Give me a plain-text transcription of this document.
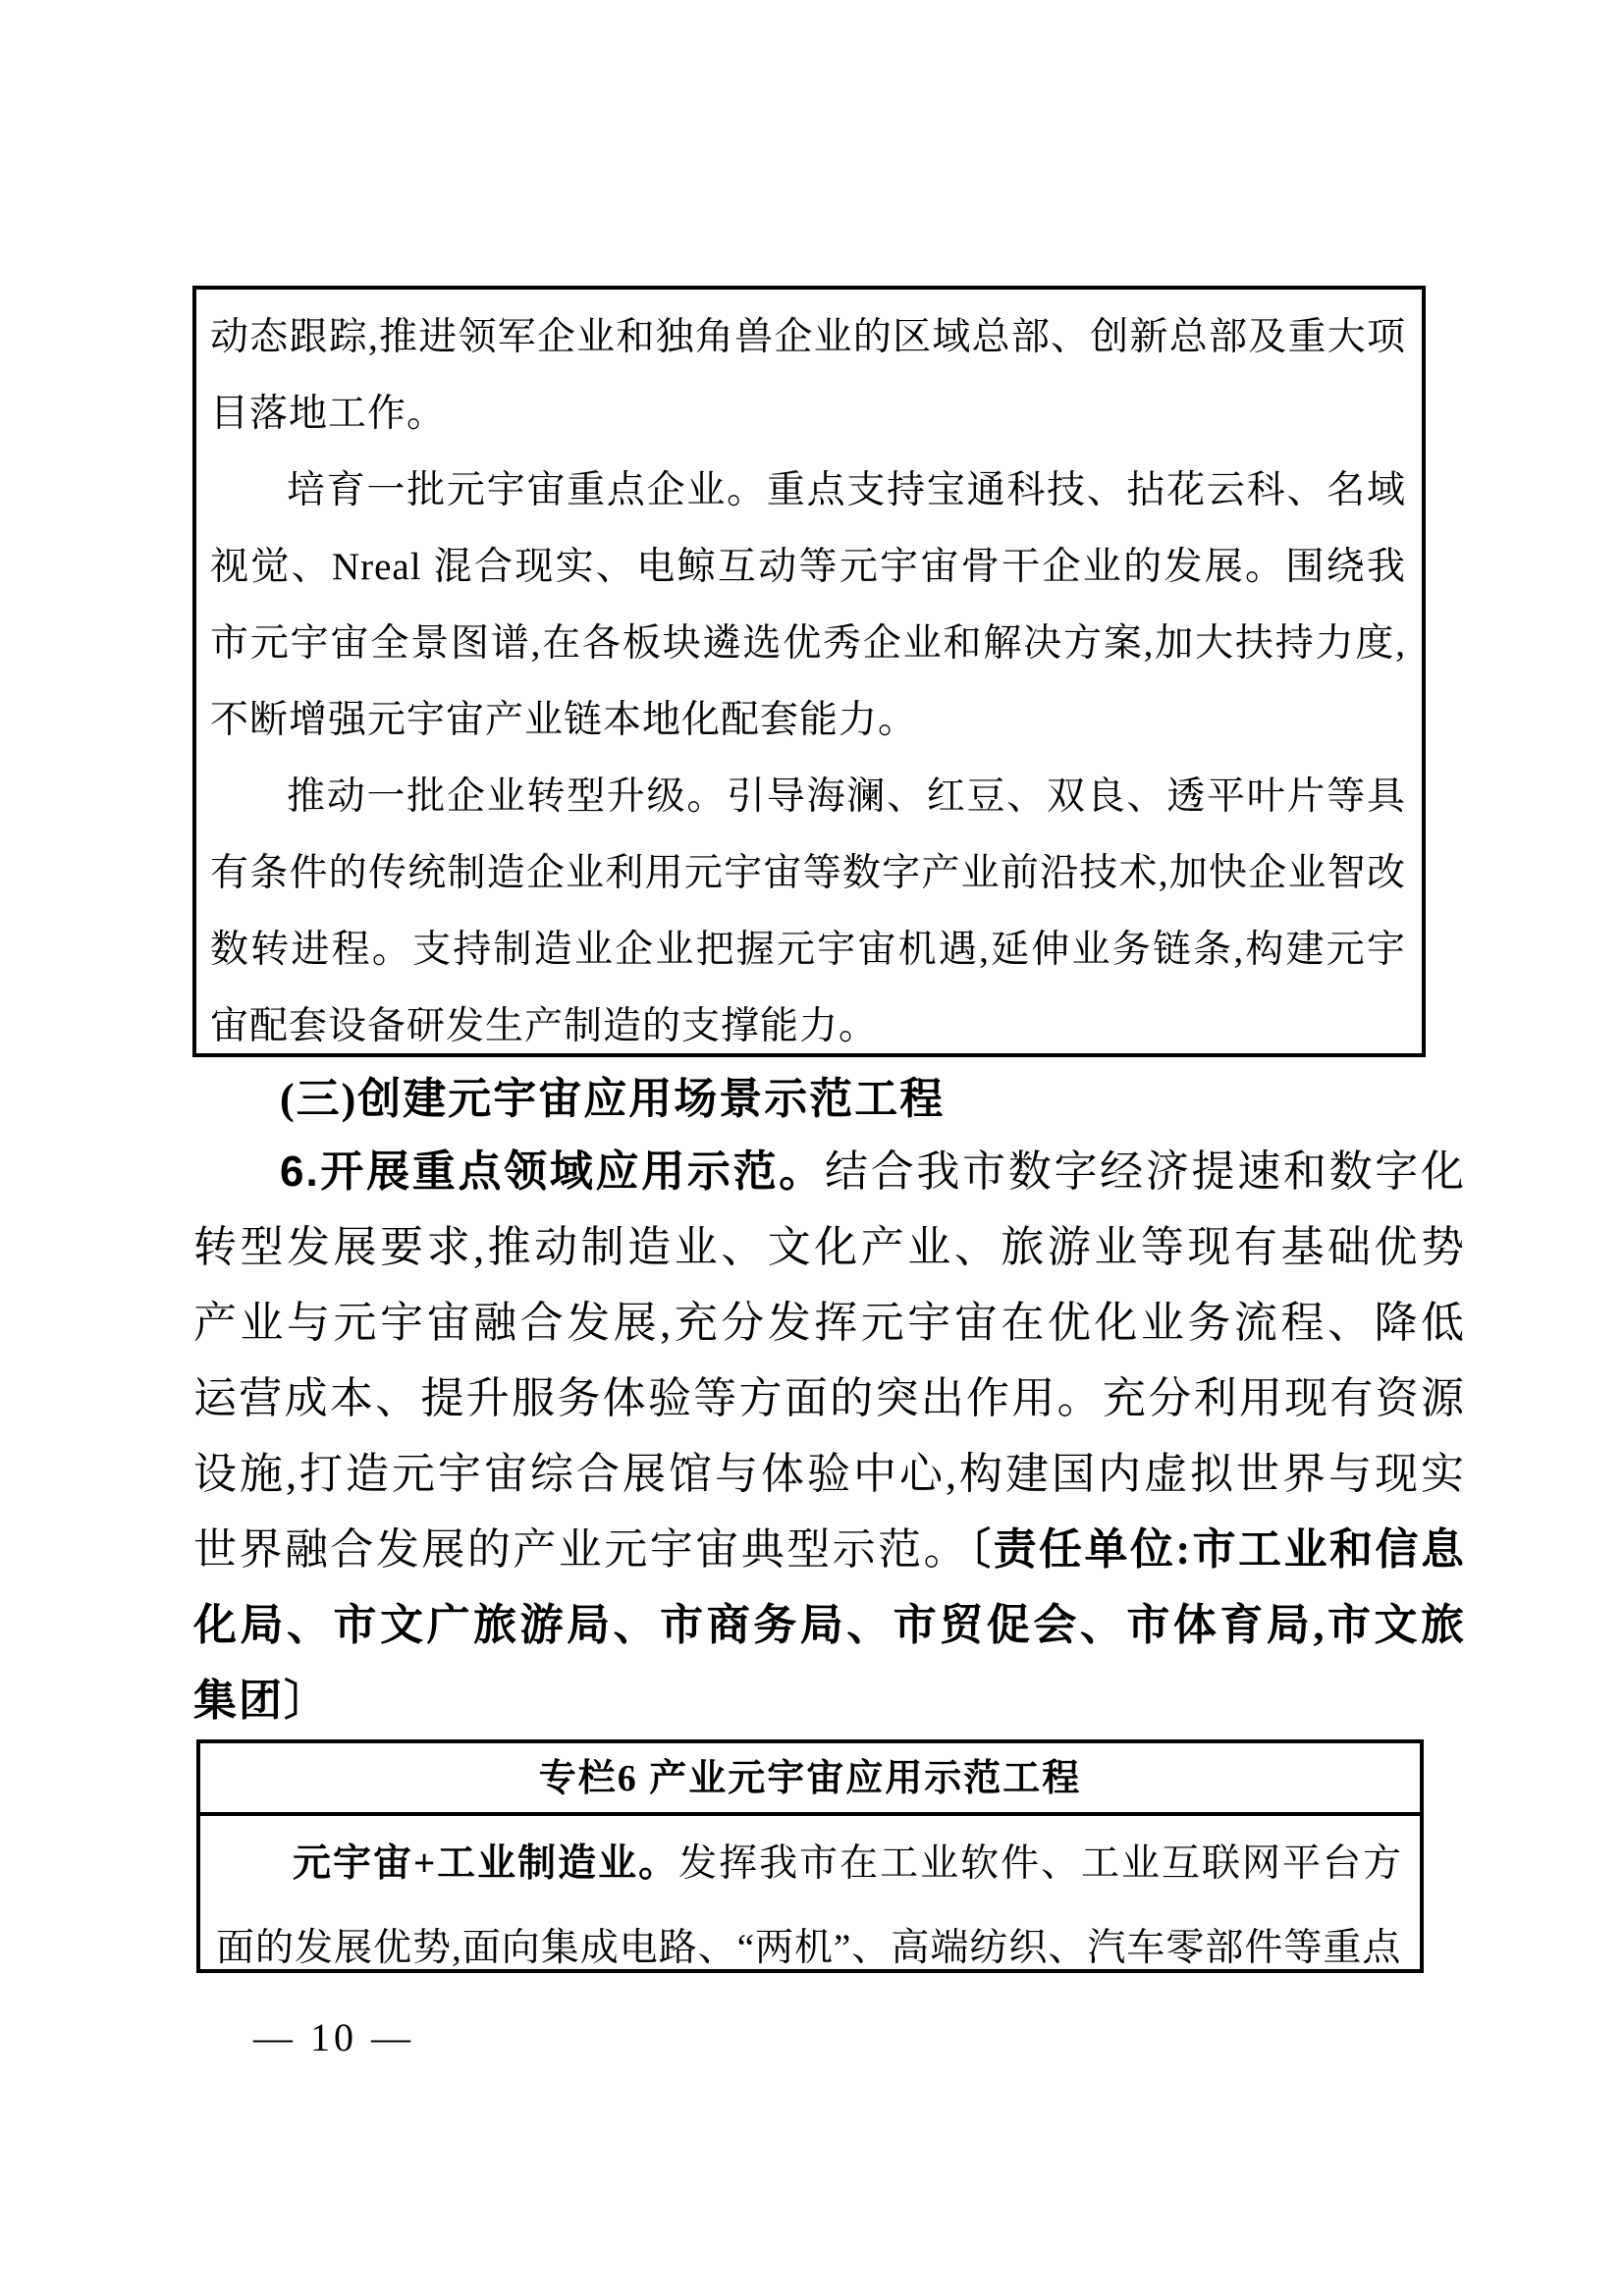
动态跟踪,推进领军企业和独角兽企业的区域总部、创新总部及重大项目落地工作。

培育一批元宇宙重点企业。重点支持宝通科技、拈花云科、名域视觉、Nreal 混合现实、电鲸互动等元宇宙骨干企业的发展。围绕我市元宇宙全景图谱,在各板块遴选优秀企业和解决方案,加大扶持力度,不断增强元宇宙产业链本地化配套能力。

推动一批企业转型升级。引导海澜、红豆、双良、透平叶片等具有条件的传统制造企业利用元宇宙等数字产业前沿技术,加快企业智改数转进程。支持制造业企业把握元宇宙机遇,延伸业务链条,构建元宇宙配套设备研发生产制造的支撑能力。

(三)创建元宇宙应用场景示范工程

6.开展重点领域应用示范。结合我市数字经济提速和数字化转型发展要求,推动制造业、文化产业、旅游业等现有基础优势产业与元宇宙融合发展,充分发挥元宇宙在优化业务流程、降低运营成本、提升服务体验等方面的突出作用。充分利用现有资源设施,打造元宇宙综合展馆与体验中心,构建国内虚拟世界与现实世界融合发展的产业元宇宙典型示范。〔责任单位:市工业和信息化局、市文广旅游局、市商务局、市贸促会、市体育局,市文旅集团〕

专栏6 产业元宇宙应用示范工程

元宇宙+工业制造业。发挥我市在工业软件、工业互联网平台方面的发展优势,面向集成电路、“两机”、高端纺织、汽车零部件等重点

— 10 —
